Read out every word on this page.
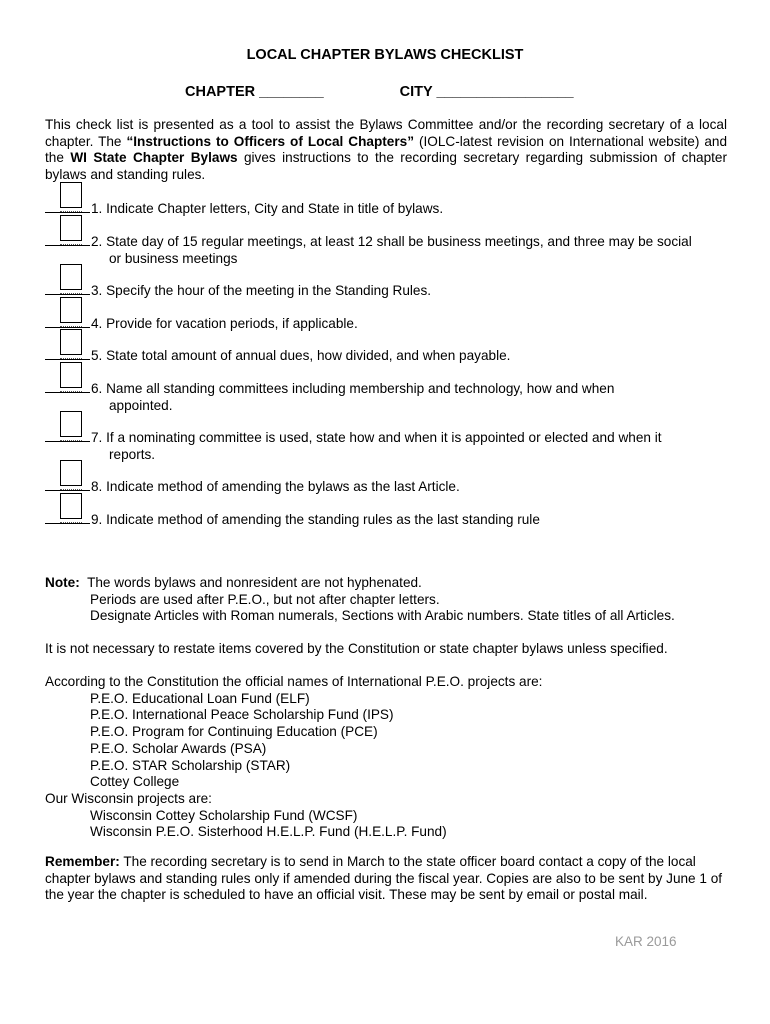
LOCAL CHAPTER BYLAWS CHECKLIST
CHAPTER ________	CITY _________________
This check list is presented as a tool to assist the Bylaws Committee and/or the recording secretary of a local chapter. The “Instructions to Officers of Local Chapters” (IOLC-latest revision on International website) and the WI State Chapter Bylaws gives instructions to the recording secretary regarding submission of chapter bylaws and standing rules.
1. Indicate Chapter letters, City and State in title of bylaws.
2. State day of 15 regular meetings, at least 12 shall be business meetings, and three may be social
or business meetings
3. Specify the hour of the meeting in the Standing Rules.
4. Provide for vacation periods, if applicable.
5. State total amount of annual dues, how divided, and when payable.
6. Name all standing committees including membership and technology, how and when
appointed.
7. If a nominating committee is used, state how and when it is appointed or elected and when it
reports.
8. Indicate method of amending the bylaws as the last Article.
9. Indicate method of amending the standing rules as the last standing rule
Note: The words bylaws and nonresident are not hyphenated.
Periods are used after P.E.O., but not after chapter letters.
Designate Articles with Roman numerals, Sections with Arabic numbers. State titles of all Articles.
It is not necessary to restate items covered by the Constitution or state chapter bylaws unless specified.
According to the Constitution the official names of International P.E.O. projects are:
P.E.O. Educational Loan Fund (ELF)
P.E.O. International Peace Scholarship Fund (IPS)
P.E.O. Program for Continuing Education (PCE)
P.E.O. Scholar Awards (PSA)
P.E.O. STAR Scholarship (STAR)
Cottey College
Our Wisconsin projects are:
Wisconsin Cottey Scholarship Fund (WCSF)
Wisconsin P.E.O. Sisterhood H.E.L.P. Fund (H.E.L.P. Fund)
Remember: The recording secretary is to send in March to the state officer board contact a copy of the local chapter bylaws and standing rules only if amended during the fiscal year. Copies are also to be sent by June 1 of the year the chapter is scheduled to have an official visit. These may be sent by email or postal mail.
KAR 2016
